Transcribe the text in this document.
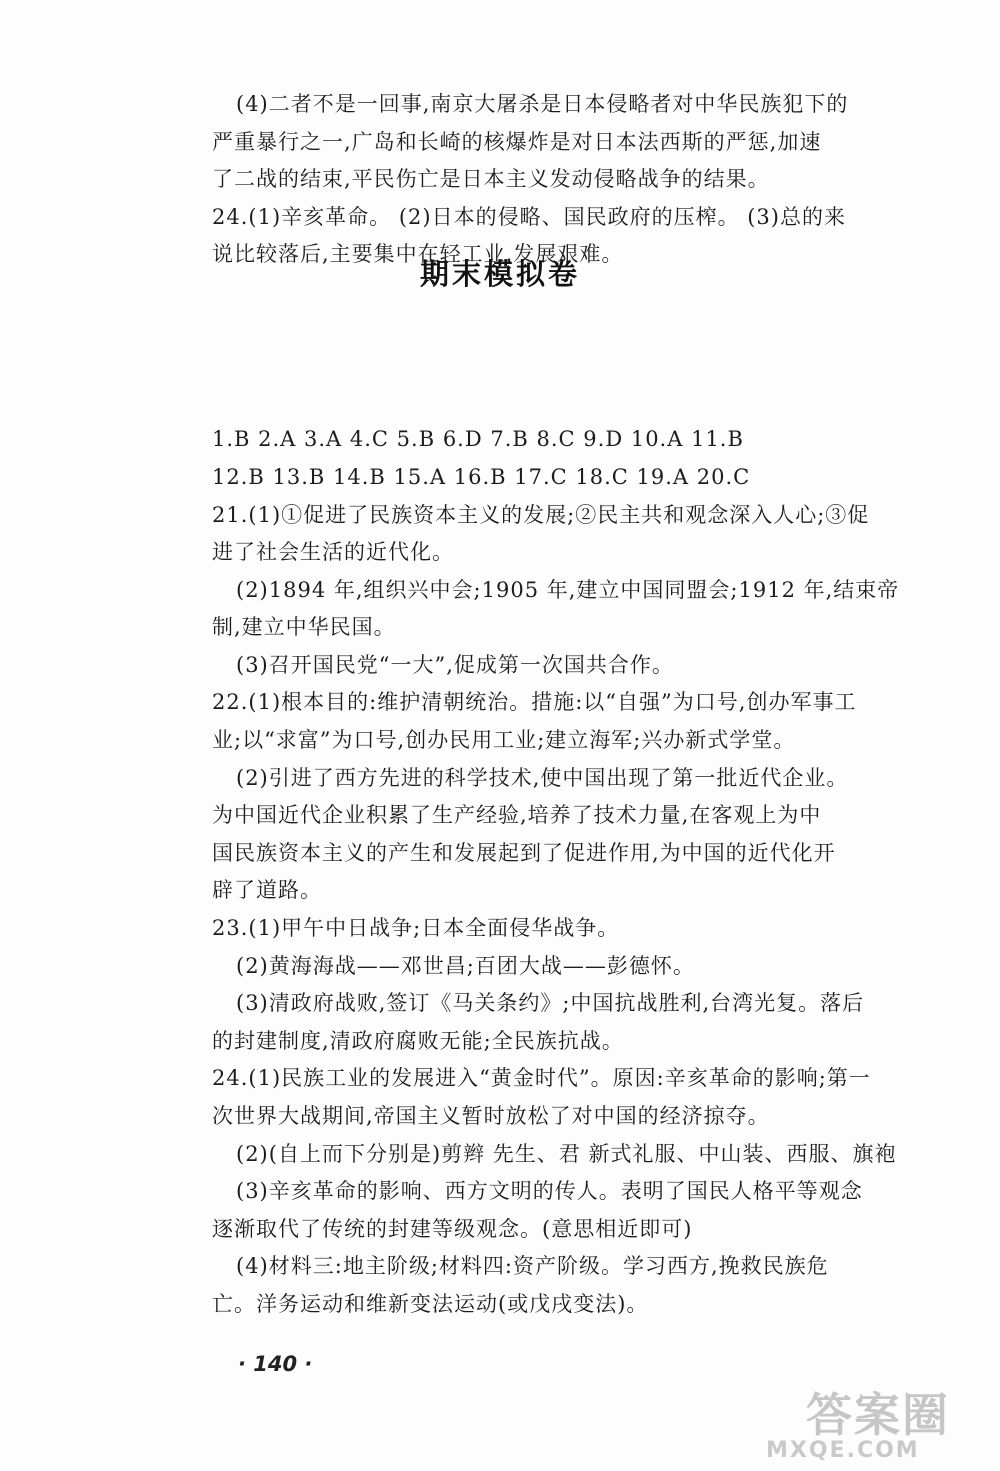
(4)二者不是一回事,南京大屠杀是日本侵略者对中华民族犯下的
严重暴行之一,广岛和长崎的核爆炸是对日本法西斯的严惩,加速
了二战的结束,平民伤亡是日本主义发动侵略战争的结果。
24.(1)辛亥革命。 (2)日本的侵略、国民政府的压榨。 (3)总的来
说比较落后,主要集中在轻工业,发展艰难。
期末模拟卷
1.B 2.A 3.A 4.C 5.B 6.D 7.B 8.C 9.D 10.A 11.B
12.B 13.B 14.B 15.A 16.B 17.C 18.C 19.A 20.C
21.(1)①促进了民族资本主义的发展;②民主共和观念深入人心;③促
进了社会生活的近代化。
(2)1894 年,组织兴中会;1905 年,建立中国同盟会;1912 年,结束帝
制,建立中华民国。
(3)召开国民党“一大”,促成第一次国共合作。
22.(1)根本目的:维护清朝统治。措施:以“自强”为口号,创办军事工
业;以“求富”为口号,创办民用工业;建立海军;兴办新式学堂。
(2)引进了西方先进的科学技术,使中国出现了第一批近代企业。
为中国近代企业积累了生产经验,培养了技术力量,在客观上为中
国民族资本主义的产生和发展起到了促进作用,为中国的近代化开
辟了道路。
23.(1)甲午中日战争;日本全面侵华战争。
(2)黄海海战——邓世昌;百团大战——彭德怀。
(3)清政府战败,签订《马关条约》;中国抗战胜利,台湾光复。落后
的封建制度,清政府腐败无能;全民族抗战。
24.(1)民族工业的发展进入“黄金时代”。原因:辛亥革命的影响;第一
次世界大战期间,帝国主义暂时放松了对中国的经济掠夺。
(2)(自上而下分别是)剪辫 先生、君 新式礼服、中山装、西服、旗袍
(3)辛亥革命的影响、西方文明的传人。表明了国民人格平等观念
逐渐取代了传统的封建等级观念。(意思相近即可)
(4)材料三:地主阶级;材料四:资产阶级。学习西方,挽救民族危
亡。洋务运动和维新变法运动(或戊戌变法)。
· 140 ·
答案圈
MXQE.COM
